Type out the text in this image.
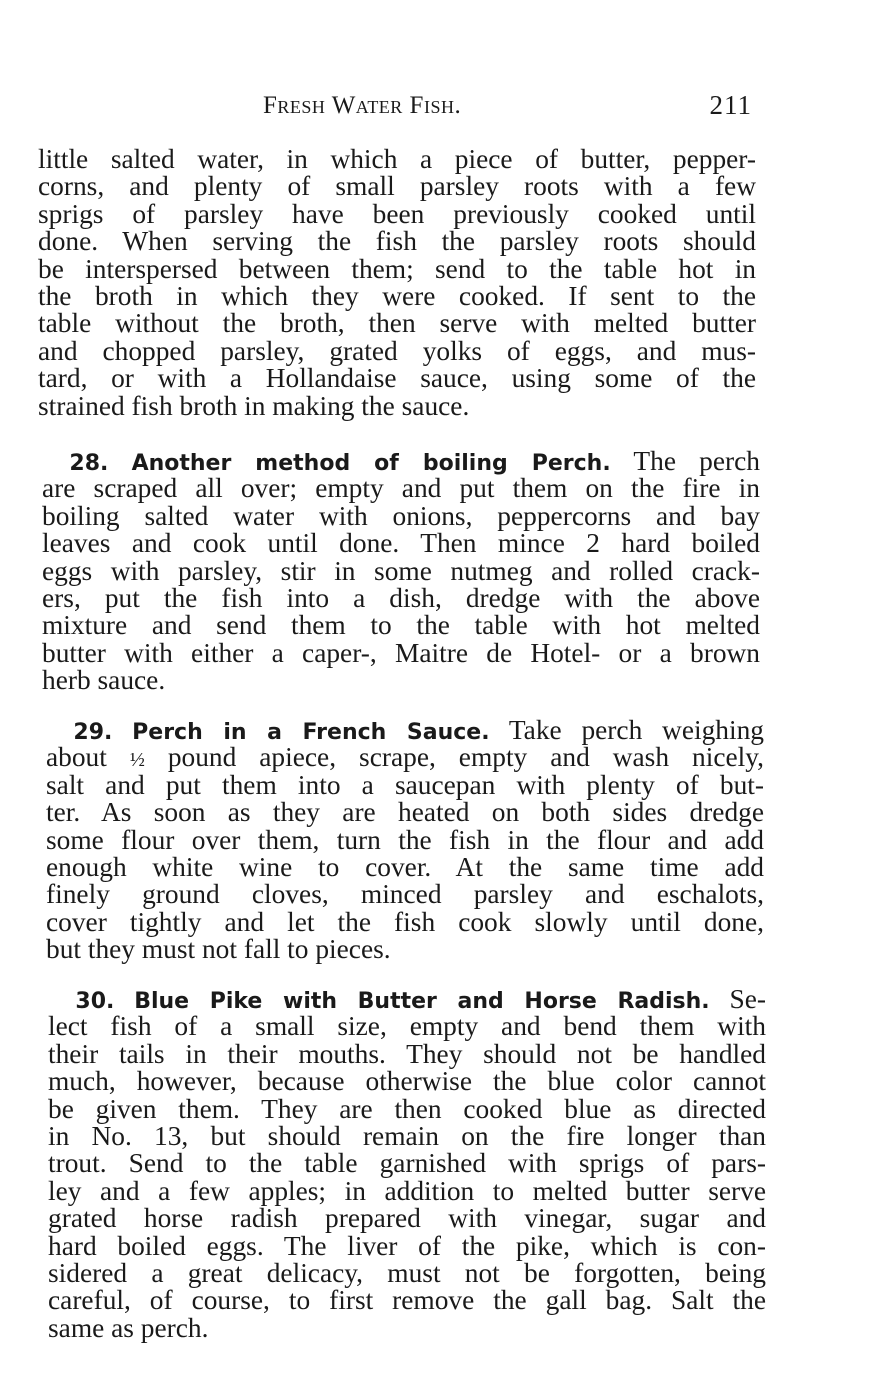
Fresh Water Fish.	211
little salted water, in which a piece of butter, pepper-
corns, and plenty of small parsley roots with a few
sprigs of parsley have been previously cooked until
done. When serving the fish the parsley roots should
be interspersed between them; send to the table hot in
the broth in which they were cooked. If sent to the
table without the broth, then serve with melted butter
and chopped parsley, grated yolks of eggs, and mus-
tard, or with a Hollandaise sauce, using some of the
strained fish broth in making the sauce.
 28. Another method of boiling Perch. The perch
are scraped all over; empty and put them on the fire in
boiling salted water with onions, peppercorns and bay
leaves and cook until done. Then mince 2 hard boiled
eggs with parsley, stir in some nutmeg and rolled crack-
ers, put the fish into a dish, dredge with the above
mixture and send them to the table with hot melted
butter with either a caper-, Maitre de Hotel- or a brown
herb sauce.
 29. Perch in a French Sauce. Take perch weighing
about ½ pound apiece, scrape, empty and wash nicely,
salt and put them into a saucepan with plenty of but-
ter. As soon as they are heated on both sides dredge
some flour over them, turn the fish in the flour and add
enough white wine to cover. At the same time add
finely ground cloves, minced parsley and eschalots,
cover tightly and let the fish cook slowly until done,
but they must not fall to pieces.
 30. Blue Pike with Butter and Horse Radish. Se-
lect fish of a small size, empty and bend them with
their tails in their mouths. They should not be handled
much, however, because otherwise the blue color cannot
be given them. They are then cooked blue as directed
in No. 13, but should remain on the fire longer than
trout. Send to the table garnished with sprigs of pars-
ley and a few apples; in addition to melted butter serve
grated horse radish prepared with vinegar, sugar and
hard boiled eggs. The liver of the pike, which is con-
sidered a great delicacy, must not be forgotten, being
careful, of course, to first remove the gall bag. Salt the
same as perch.
